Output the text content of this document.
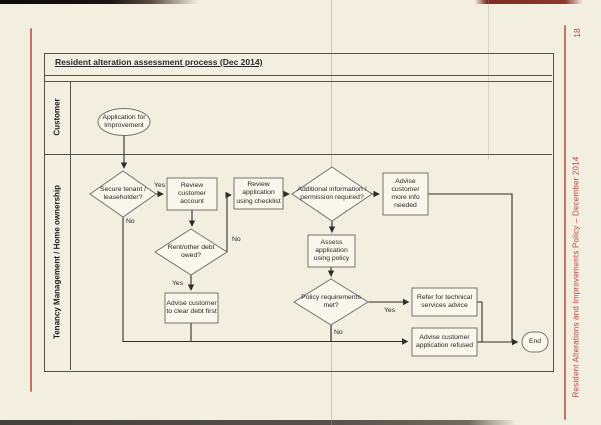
18
Resident Alterations and Improvements Policy – December 2014
Resident alteration assessment process (Dec 2014)
Customer
Tenancy Management / Home ownership
Application for Improvement
Secure tenant / leaseholder?
Review customer account
Review application using checklist
Additional information / permission required?
Advise customer more info needed
Rent/other debt owed?
Advise customer to clear debt first
Assess application using policy
Policy requirements met?
Refer for technical services advice
Advise customer application refused
End
Yes
No
No
Yes
Yes
No
